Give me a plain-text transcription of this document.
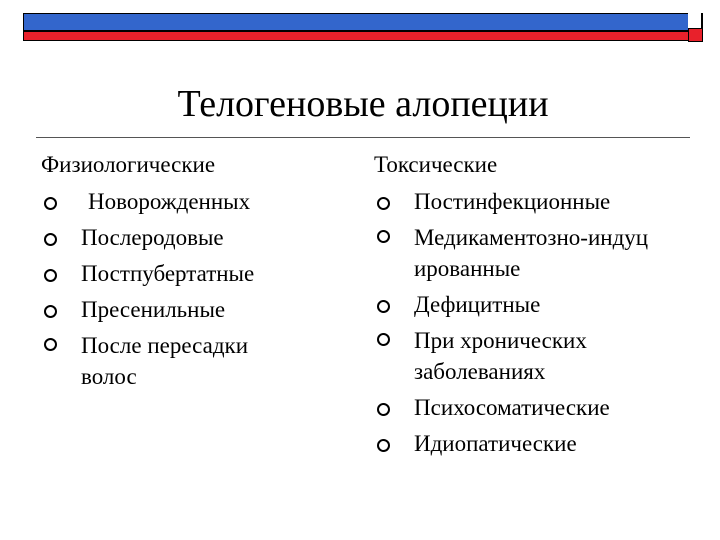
Телогеновые алопеции
Физиологические
Новорожденных
Послеродовые
Постпубертатные
Пресенильные
После пересадки волос
Токсические
Постинфекционные
Медикаментозно-индуцированные
Дефицитные
При хронических заболеваниях
Психосоматические
Идиопатические
